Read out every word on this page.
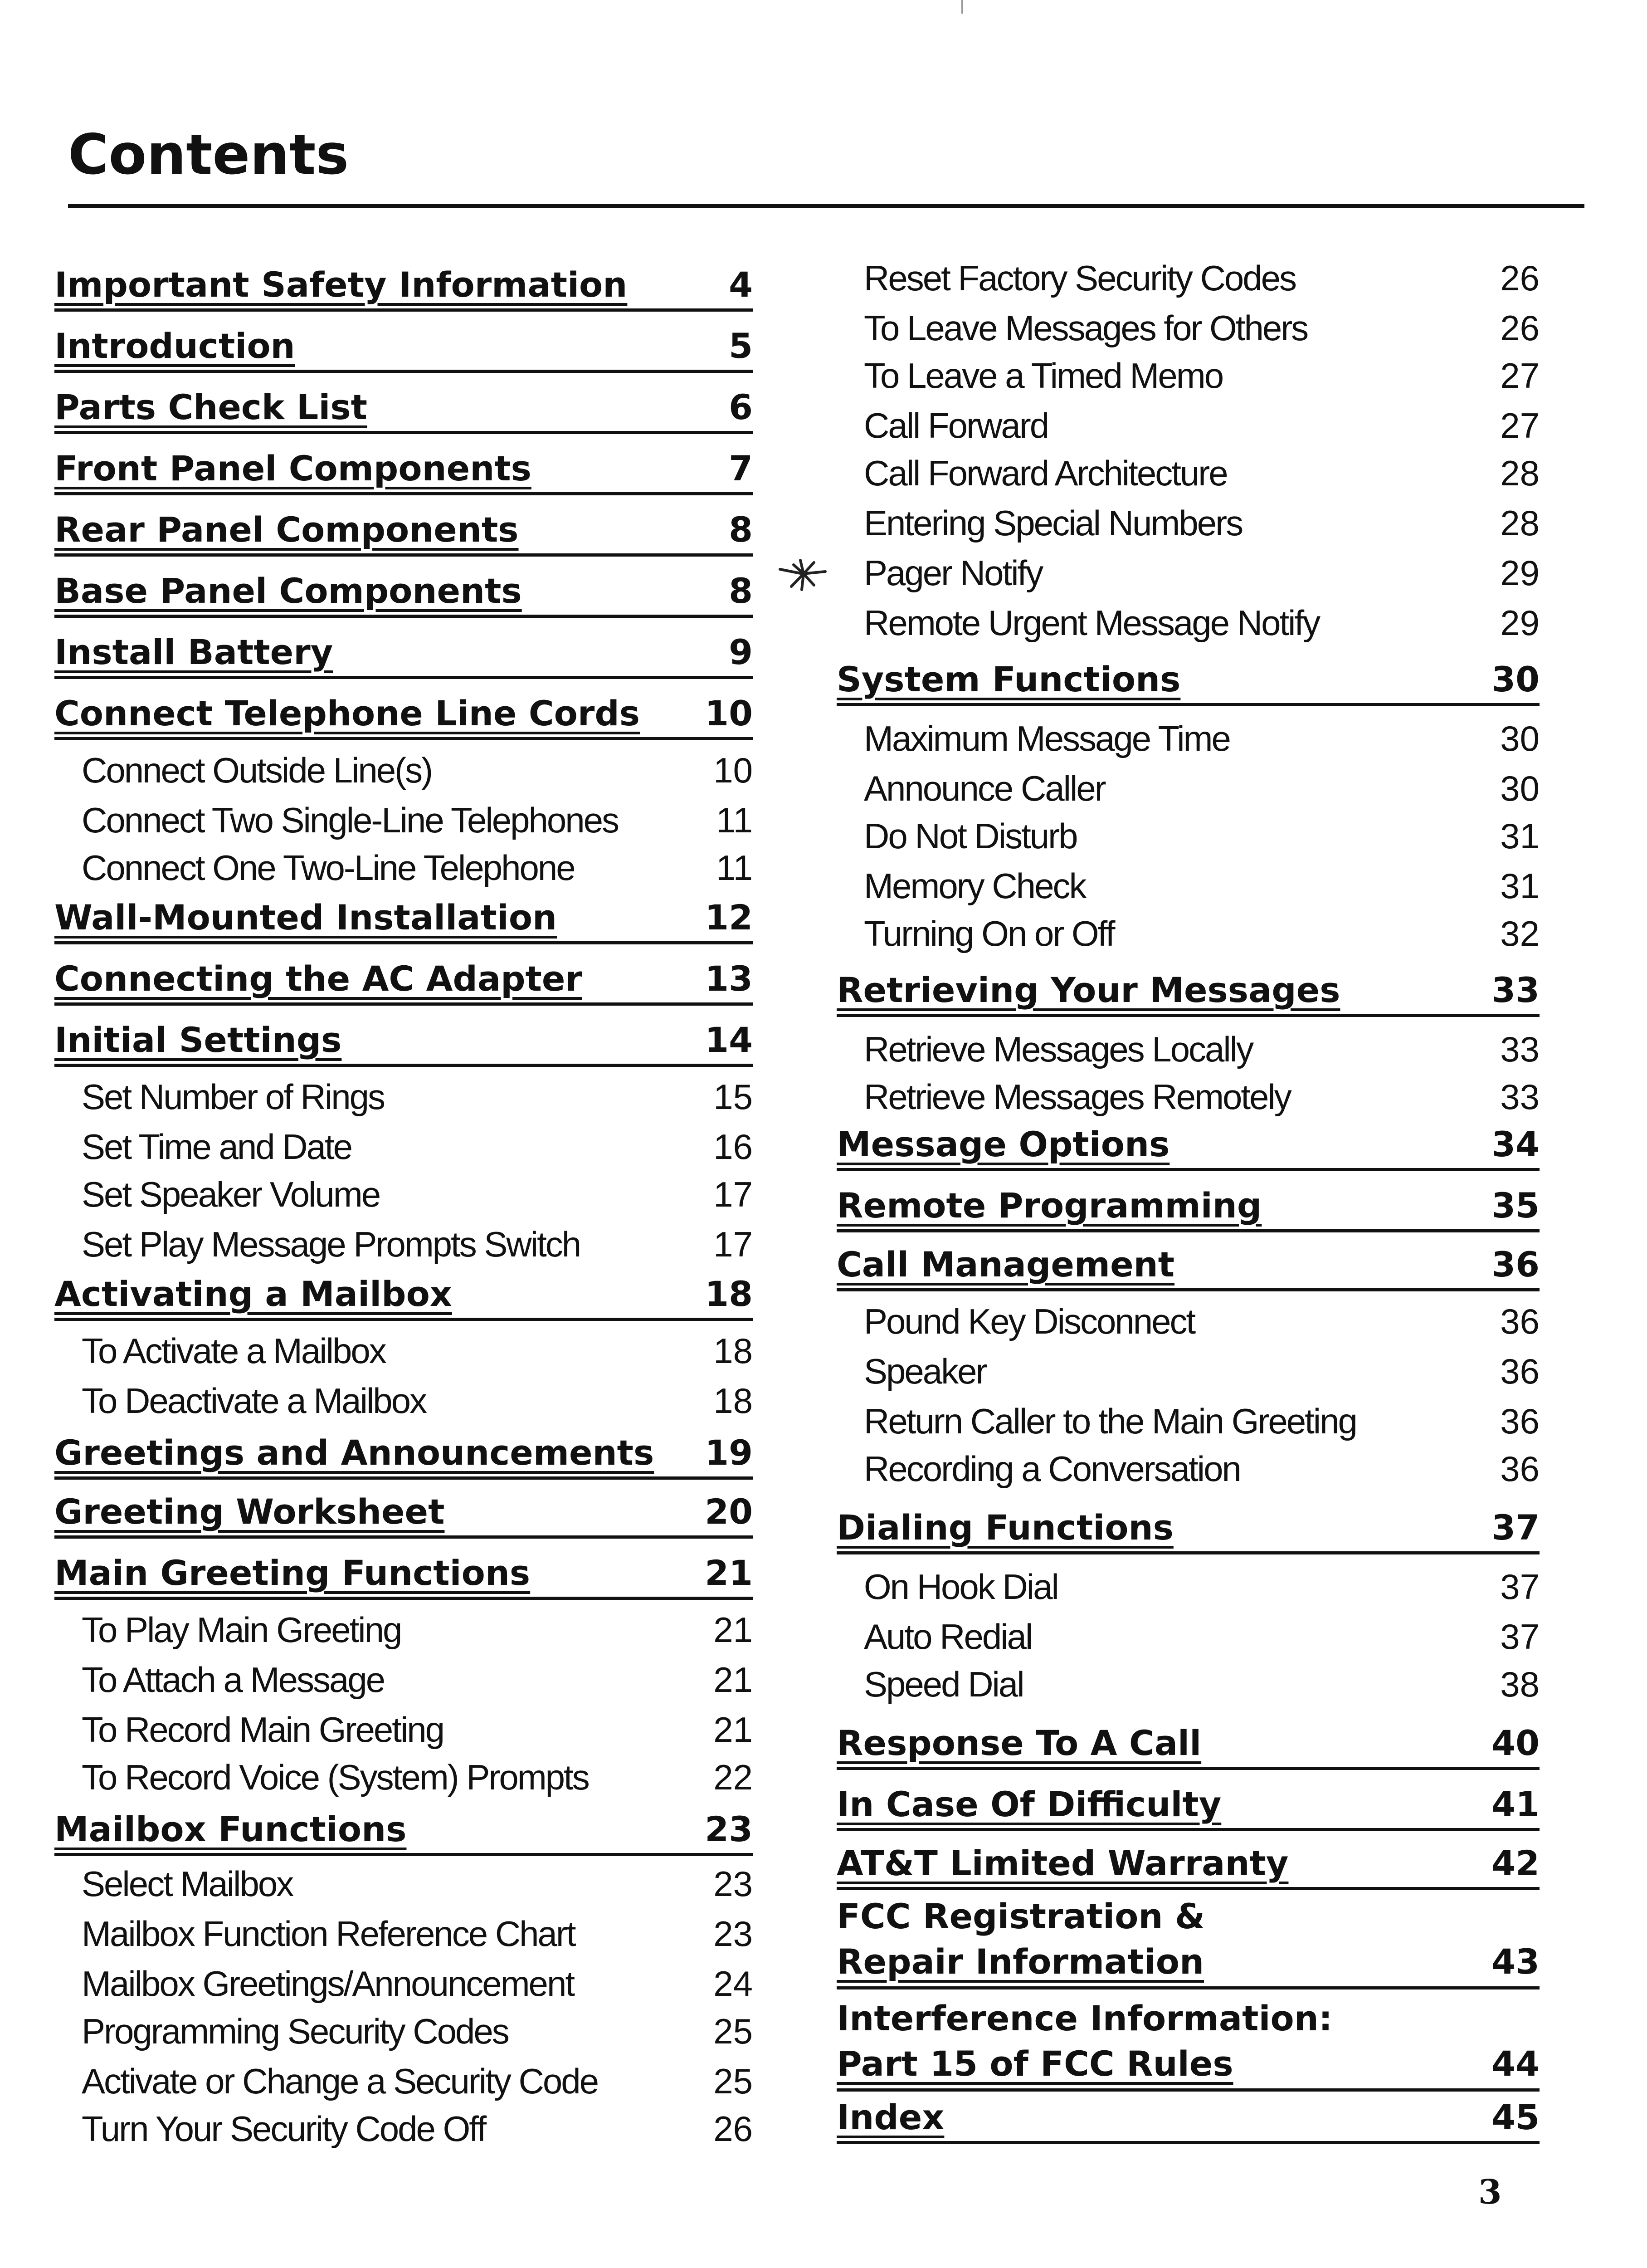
Contents
Important Safety Information	4
Introduction	5
Parts Check List	6
Front Panel Components	7
Rear Panel Components	8
Base Panel Components	8
Install Battery	9
Connect Telephone Line Cords 10
Connect Outside Line(s)	10
Connect Two Single-Line Telephones	11
Connect One Two-Line Telephone	11
Wall-Mounted Installation	12
Connecting the AC Adapter	13
Initial Settings	14
Set Number of Rings	15
Set Time and Date	16
Set Speaker Volume	17
Set Play Message Prompts Switch	17
Activating a Mailbox	18
To Activate a Mailbox	18
To Deactivate a Mailbox	18
Greetings and Announcements 19
Greeting Worksheet	20
Main Greeting Functions	21
To Play Main Greeting	21
To Attach a Message	21
To Record Main Greeting	21
To Record Voice (System) Prompts	22
Mailbox Functions	23
Select Mailbox	23
Mailbox Function Reference Chart	23
Mailbox Greetings/Announcement	24
Programming Security Codes	25
Activate or Change a Security Code	25
Turn Your Security Code Off	26
Reset Factory Security Codes	26
To Leave Messages for Others	26
To Leave a Timed Memo	27
Call Forward	27
Call Forward Architecture	28
Entering Special Numbers	28
Pager Notify	29
Remote Urgent Message Notify	29
System Functions	30
Maximum Message Time	30
Announce Caller	30
Do Not Disturb	31
Memory Check	31
Turning On or Off	32
Retrieving Your Messages	33
Retrieve Messages Locally	33
Retrieve Messages Remotely	33
Message Options	34
Remote Programming	35
Call Management	36
Pound Key Disconnect	36
Speaker	36
Return Caller to the Main Greeting	36
Recording a Conversation	36
Dialing Functions	37
On Hook Dial	37
Auto Redial	37
Speed Dial	38
Response To A Call	40
In Case Of Difficulty	41
AT&T Limited Warranty	42
FCC Registration &
Repair Information	43
Interference Information:
Part 15 of FCC Rules	44
Index	45
3
